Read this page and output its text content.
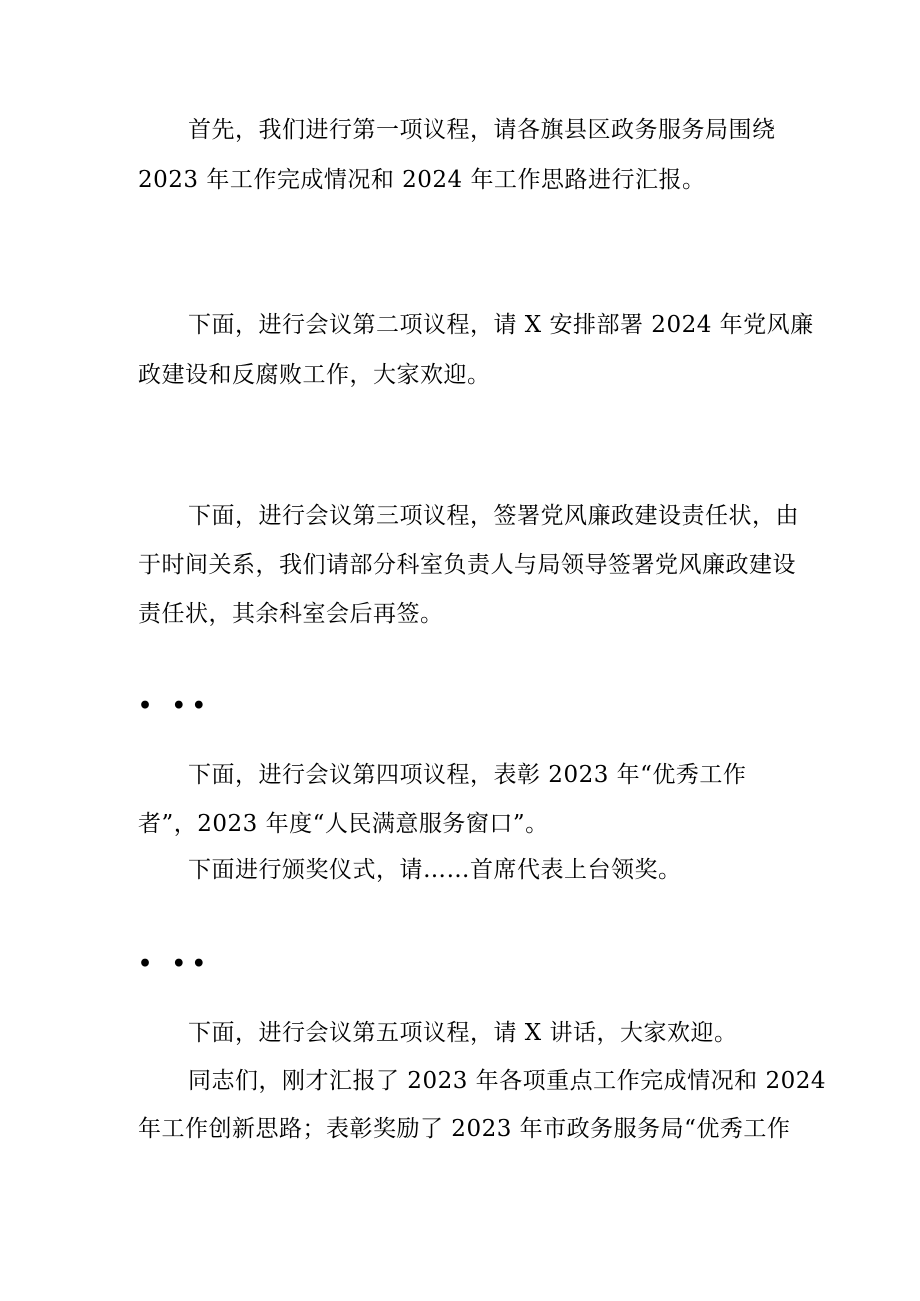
首先，我们进行第一项议程，请各旗县区政务服务局围绕
2023 年工作完成情况和 2024 年工作思路进行汇报。
下面，进行会议第二项议程，请 X 安排部署 2024 年党风廉
政建设和反腐败工作，大家欢迎。
下面，进行会议第三项议程，签署党风廉政建设责任状，由
于时间关系，我们请部分科室负责人与局领导签署党风廉政建设
责任状，其余科室会后再签。
• ••
下面，进行会议第四项议程，表彰 2023 年“优秀工作
者”，2023 年度“人民满意服务窗口”。
下面进行颁奖仪式，请……首席代表上台领奖。
• ••
下面，进行会议第五项议程，请 X 讲话，大家欢迎。
同志们，刚才汇报了 2023 年各项重点工作完成情况和 2024
年工作创新思路；表彰奖励了 2023 年市政务服务局“优秀工作
